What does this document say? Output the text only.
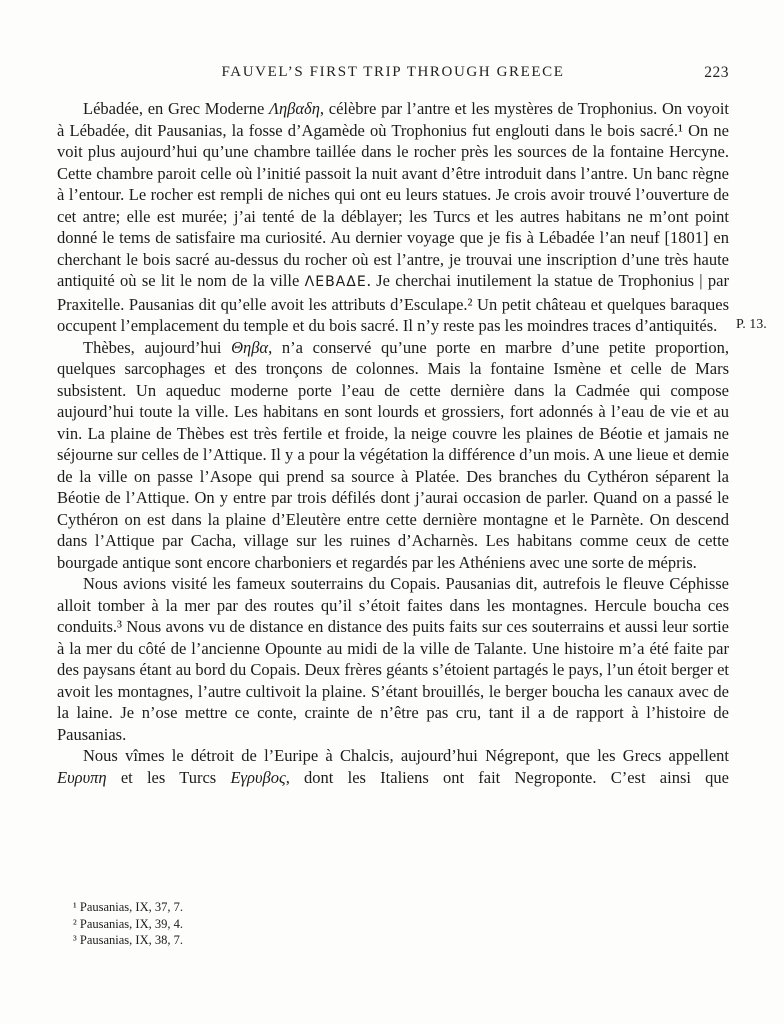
FAUVEL’S FIRST TRIP THROUGH GREECE	223

Lébadée, en Grec Moderne Ληβαδη, célèbre par l’antre et les mystères de Trophonius. On voyoit à Lébadée, dit Pausanias, la fosse d’Agamède où Trophonius fut englouti dans le bois sacré.¹ On ne voit plus aujourd’hui qu’une chambre taillée dans le rocher près les sources de la fontaine Hercyne. Cette chambre paroit celle où l’initié passoit la nuit avant d’être introduit dans l’antre. Un banc règne à l’entour. Le rocher est rempli de niches qui ont eu leurs statues. Je crois avoir trouvé l’ouverture de cet antre; elle est murée; j’ai tenté de la déblayer; les Turcs et les autres habitans ne m’ont point donné le tems de satisfaire ma curiosité. Au dernier voyage que je fis à Lébadée l’an neuf [1801] en cherchant le bois sacré au-dessus du rocher où est l’antre, je trouvai une inscription d’une très haute antiquité où se lit le nom de la ville ΛΕΒΑΔΕ. Je cherchai inutilement la statue de Trophonius | par Praxitelle. Pausanias dit qu’elle avoit les attributs d’Esculape.² Un petit château et quelques baraques occupent l’emplacement du temple et du bois sacré. Il n’y reste pas les moindres traces d’antiquités.

Thèbes, aujourd’hui Θηβα, n’a conservé qu’une porte en marbre d’une petite proportion, quelques sarcophages et des tronçons de colonnes. Mais la fontaine Ismène et celle de Mars subsistent. Un aqueduc moderne porte l’eau de cette dernière dans la Cadmée qui compose aujourd’hui toute la ville. Les habitans en sont lourds et grossiers, fort adonnés à l’eau de vie et au vin. La plaine de Thèbes est très fertile et froide, la neige couvre les plaines de Béotie et jamais ne séjourne sur celles de l’Attique. Il y a pour la végétation la différence d’un mois. A une lieue et demie de la ville on passe l’Asope qui prend sa source à Platée. Des branches du Cythéron séparent la Béotie de l’Attique. On y entre par trois défilés dont j’aurai occasion de parler. Quand on a passé le Cythéron on est dans la plaine d’Eleutère entre cette dernière montagne et le Parnète. On descend dans l’Attique par Cacha, village sur les ruines d’Acharnès. Les habitans comme ceux de cette bourgade antique sont encore charboniers et regardés par les Athéniens avec une sorte de mépris.

Nous avions visité les fameux souterrains du Copais. Pausanias dit, autrefois le fleuve Céphisse alloit tomber à la mer par des routes qu’il s’étoit faites dans les montagnes. Hercule boucha ces conduits.³ Nous avons vu de distance en distance des puits faits sur ces souterrains et aussi leur sortie à la mer du côté de l’ancienne Opounte au midi de la ville de Talante. Une histoire m’a été faite par des paysans étant au bord du Copais. Deux frères géants s’étoient partagés le pays, l’un étoit berger et avoit les montagnes, l’autre cultivoit la plaine. S’étant brouillés, le berger boucha les canaux avec de la laine. Je n’ose mettre ce conte, crainte de n’être pas cru, tant il a de rapport à l’histoire de Pausanias.

Nous vîmes le détroit de l’Euripe à Chalcis, aujourd’hui Négrepont, que les Grecs appellent Ευρυπη et les Turcs Εγρυβος, dont les Italiens ont fait Negroponte. C’est ainsi que

P. 13.
¹ Pausanias, IX, 37, 7.
² Pausanias, IX, 39, 4.
³ Pausanias, IX, 38, 7.
